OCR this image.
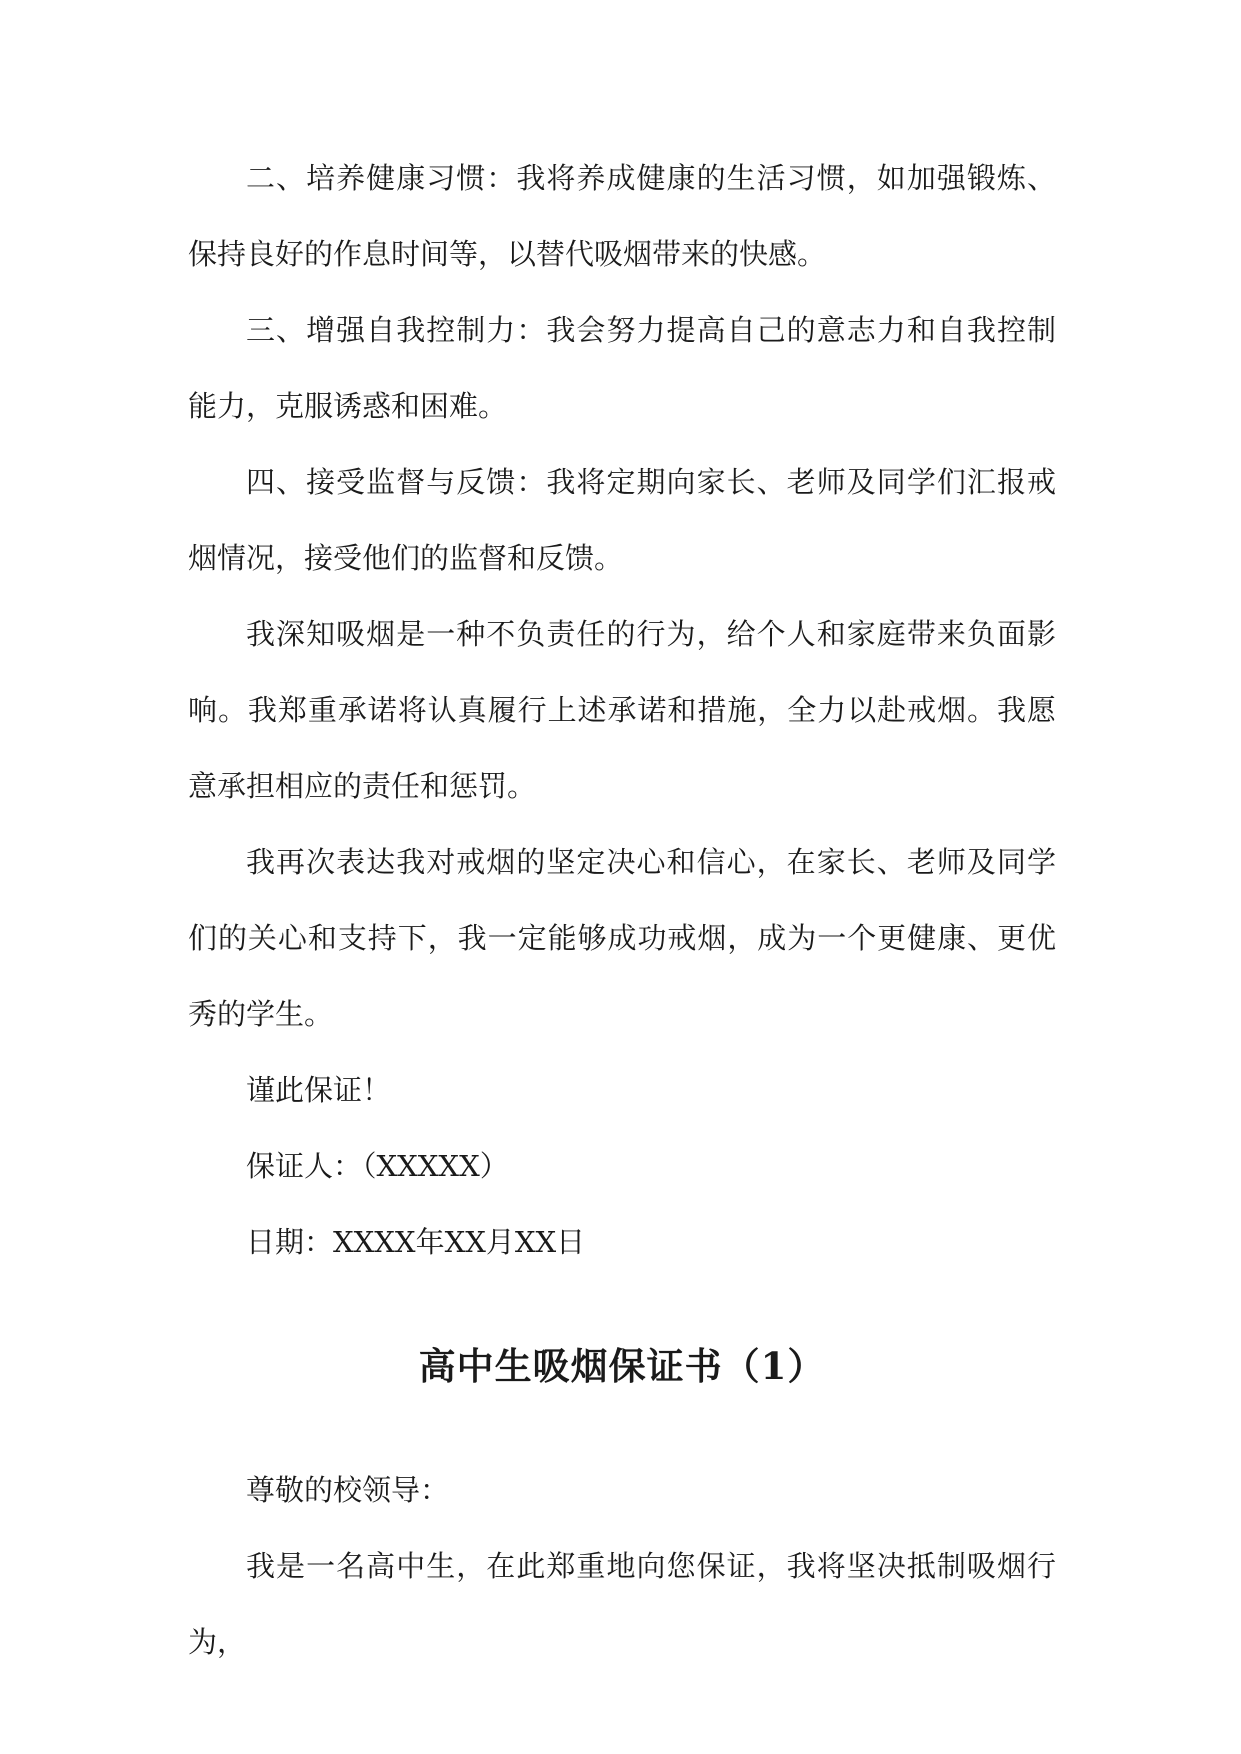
二、培养健康习惯：我将养成健康的生活习惯，如加强锻炼、保持良好的作息时间等，以替代吸烟带来的快感。

三、增强自我控制力：我会努力提高自己的意志力和自我控制能力，克服诱惑和困难。

四、接受监督与反馈：我将定期向家长、老师及同学们汇报戒烟情况，接受他们的监督和反馈。

我深知吸烟是一种不负责任的行为，给个人和家庭带来负面影响。我郑重承诺将认真履行上述承诺和措施，全力以赴戒烟。我愿意承担相应的责任和惩罚。

我再次表达我对戒烟的坚定决心和信心，在家长、老师及同学们的关心和支持下，我一定能够成功戒烟，成为一个更健康、更优秀的学生。

谨此保证！

保证人：（XXXXX）

日期：XXXX年XX月XX日

高中生吸烟保证书（1）

尊敬的校领导：

我是一名高中生，在此郑重地向您保证，我将坚决抵制吸烟行为，
